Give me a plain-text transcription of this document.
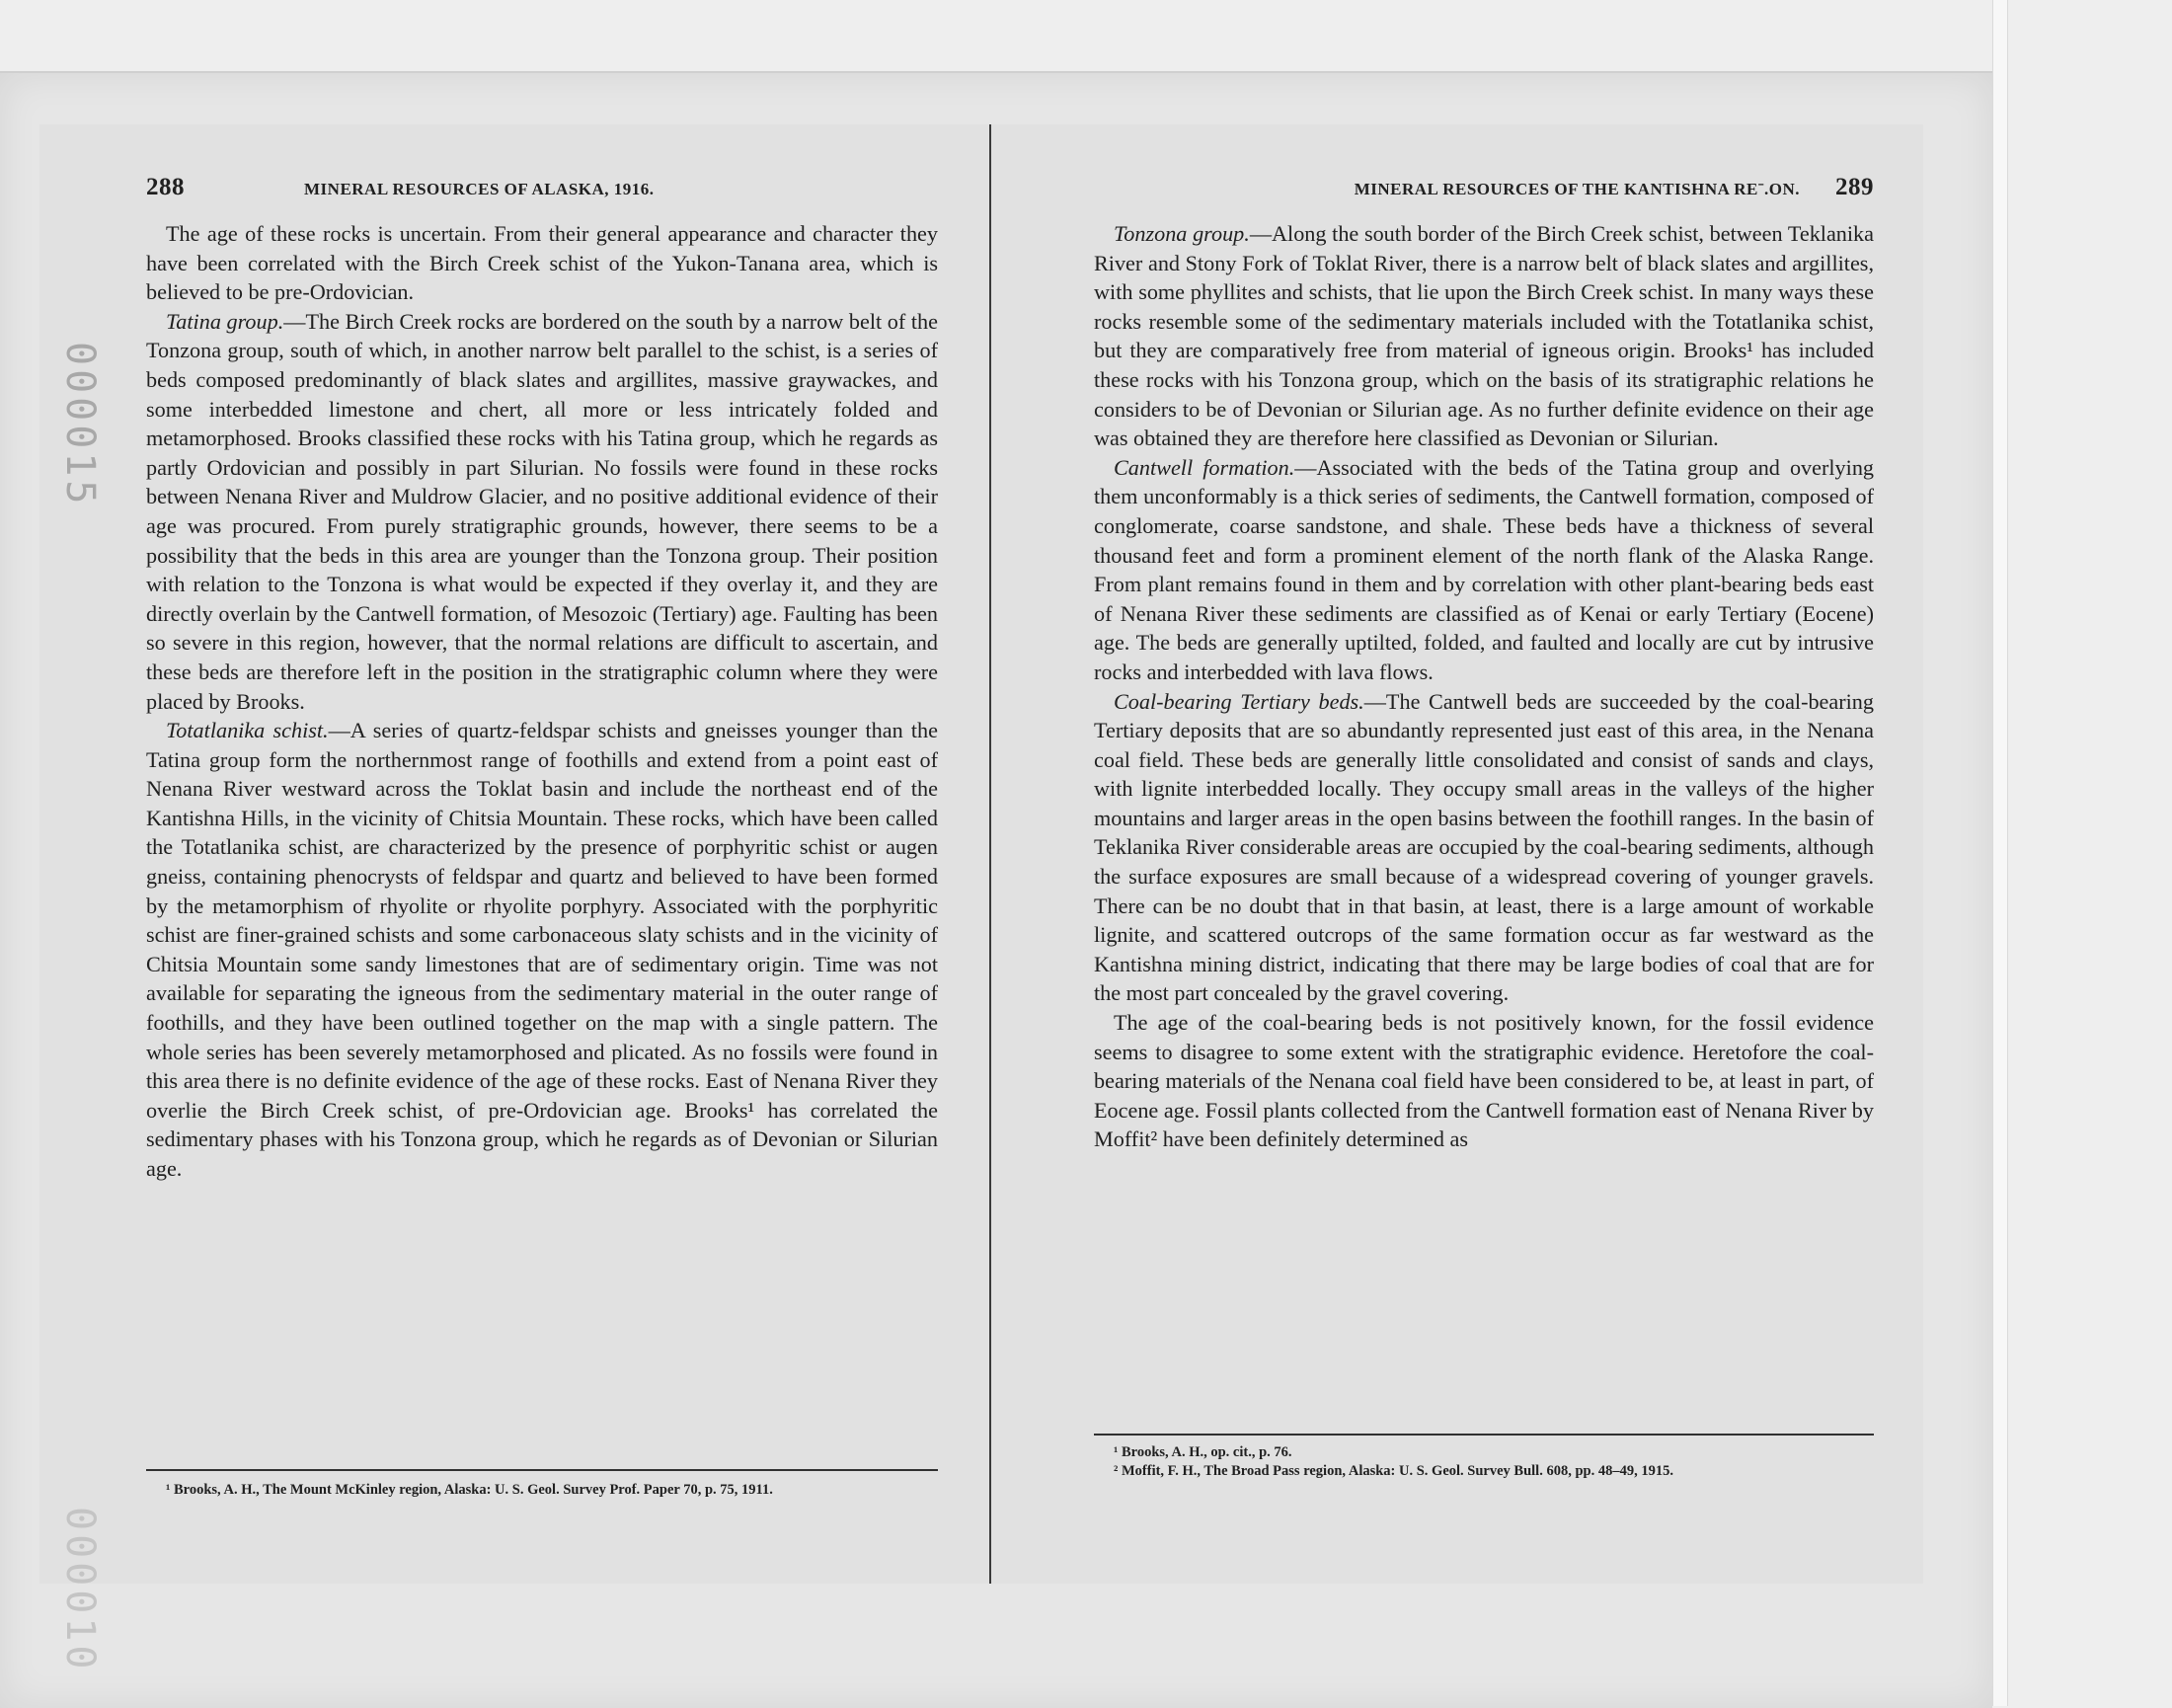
288	MINERAL RESOURCES OF ALASKA, 1916.

The age of these rocks is uncertain. From their general appearance and character they have been correlated with the Birch Creek schist of the Yukon-Tanana area, which is believed to be pre-Ordovician.

Tatina group.—The Birch Creek rocks are bordered on the south by a narrow belt of the Tonzona group, south of which, in another narrow belt parallel to the schist, is a series of beds composed predominantly of black slates and argillites, massive graywackes, and some interbedded limestone and chert, all more or less intricately folded and metamorphosed. Brooks classified these rocks with his Tatina group, which he regards as partly Ordovician and possibly in part Silurian. No fossils were found in these rocks between Nenana River and Muldrow Glacier, and no positive additional evidence of their age was procured. From purely stratigraphic grounds, however, there seems to be a possibility that the beds in this area are younger than the Tonzona group. Their position with relation to the Tonzona is what would be expected if they overlay it, and they are directly overlain by the Cantwell formation, of Mesozoic (Tertiary) age. Faulting has been so severe in this region, however, that the normal relations are difficult to ascertain, and these beds are therefore left in the position in the stratigraphic column where they were placed by Brooks.

Totatlanika schist.—A series of quartz-feldspar schists and gneisses younger than the Tatina group form the northernmost range of foothills and extend from a point east of Nenana River westward across the Toklat basin and include the northeast end of the Kantishna Hills, in the vicinity of Chitsia Mountain. These rocks, which have been called the Totatlanika schist, are characterized by the presence of porphyritic schist or augen gneiss, containing phenocrysts of feldspar and quartz and believed to have been formed by the metamorphism of rhyolite or rhyolite porphyry. Associated with the porphyritic schist are finer-grained schists and some carbonaceous slaty schists and in the vicinity of Chitsia Mountain some sandy limestones that are of sedimentary origin. Time was not available for separating the igneous from the sedimentary material in the outer range of foothills, and they have been outlined together on the map with a single pattern. The whole series has been severely metamorphosed and plicated. As no fossils were found in this area there is no definite evidence of the age of these rocks. East of Nenana River they overlie the Birch Creek schist, of pre-Ordovician age. Brooks¹ has correlated the sedimentary phases with his Tonzona group, which he regards as of Devonian or Silurian age.

¹ Brooks, A. H., The Mount McKinley region, Alaska: U. S. Geol. Survey Prof. Paper 70, p. 75, 1911.

MINERAL RESOURCES OF THE KANTISHNA REˉ.ON. 289

Tonzona group.—Along the south border of the Birch Creek schist, between Teklanika River and Stony Fork of Toklat River, there is a narrow belt of black slates and argillites, with some phyllites and schists, that lie upon the Birch Creek schist. In many ways these rocks resemble some of the sedimentary materials included with the Totatlanika schist, but they are comparatively free from material of igneous origin. Brooks¹ has included these rocks with his Tonzona group, which on the basis of its stratigraphic relations he considers to be of Devonian or Silurian age. As no further definite evidence on their age was obtained they are therefore here classified as Devonian or Silurian.

Cantwell formation.—Associated with the beds of the Tatina group and overlying them unconformably is a thick series of sediments, the Cantwell formation, composed of conglomerate, coarse sandstone, and shale. These beds have a thickness of several thousand feet and form a prominent element of the north flank of the Alaska Range. From plant remains found in them and by correlation with other plant-bearing beds east of Nenana River these sediments are classified as of Kenai or early Tertiary (Eocene) age. The beds are generally uptilted, folded, and faulted and locally are cut by intrusive rocks and interbedded with lava flows.

Coal-bearing Tertiary beds.—The Cantwell beds are succeeded by the coal-bearing Tertiary deposits that are so abundantly represented just east of this area, in the Nenana coal field. These beds are generally little consolidated and consist of sands and clays, with lignite interbedded locally. They occupy small areas in the valleys of the higher mountains and larger areas in the open basins between the foothill ranges. In the basin of Teklanika River considerable areas are occupied by the coal-bearing sediments, although the surface exposures are small because of a widespread covering of younger gravels. There can be no doubt that in that basin, at least, there is a large amount of workable lignite, and scattered outcrops of the same formation occur as far westward as the Kantishna mining district, indicating that there may be large bodies of coal that are for the most part concealed by the gravel covering.

The age of the coal-bearing beds is not positively known, for the fossil evidence seems to disagree to some extent with the stratigraphic evidence. Heretofore the coal-bearing materials of the Nenana coal field have been considered to be, at least in part, of Eocene age. Fossil plants collected from the Cantwell formation east of Nenana River by Moffit² have been definitely determined as

¹ Brooks, A. H., op. cit., p. 76.

² Moffit, F. H., The Broad Pass region, Alaska: U. S. Geol. Survey Bull. 608, pp. 48–49, 1915.

000015
000010
